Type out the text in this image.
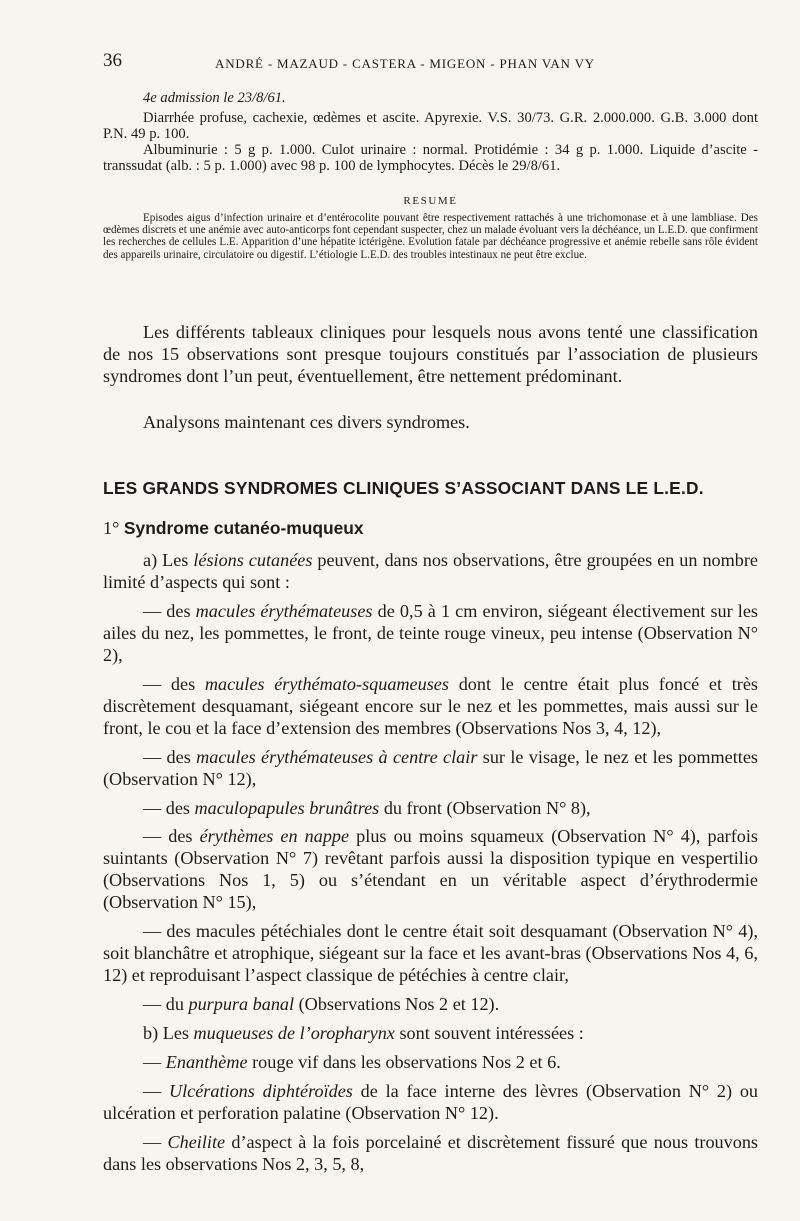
36	ANDRÉ - MAZAUD - CASTERA - MIGEON - PHAN VAN VY

4e admission le 23/8/61.

Diarrhée profuse, cachexie, œdèmes et ascite. Apyrexie. V.S. 30/73. G.R. 2.000.000. G.B. 3.000 dont P.N. 49 p. 100.

Albuminurie : 5 g p. 1.000. Culot urinaire : normal. Protidémie : 34 g p. 1.000. Liquide d’ascite - transsudat (alb. : 5 p. 1.000) avec 98 p. 100 de lymphocytes. Décès le 29/8/61.

RESUME

Episodes aigus d’infection urinaire et d’entérocolite pouvant être respectivement rattachés à une trichomonase et à une lambliase. Des œdèmes discrets et une anémie avec auto-anticorps font cependant suspecter, chez un malade évoluant vers la déchéance, un L.E.D. que confirment les recherches de cellules L.E. Apparition d’une hépatite ictérigène. Evolution fatale par déchéance progressive et anémie rebelle sans rôle évident des appareils urinaire, circulatoire ou digestif. L’étiologie L.E.D. des troubles intestinaux ne peut être exclue.

Les différents tableaux cliniques pour lesquels nous avons tenté une classification de nos 15 observations sont presque toujours constitués par l’association de plusieurs syndromes dont l’un peut, éventuellement, être nettement prédominant.

Analysons maintenant ces divers syndromes.

LES GRANDS SYNDROMES CLINIQUES S’ASSOCIANT DANS LE L.E.D.
1° Syndrome cutanéo-muqueux

a) Les lésions cutanées peuvent, dans nos observations, être groupées en un nombre limité d’aspects qui sont :

— des macules érythémateuses de 0,5 à 1 cm environ, siégeant électivement sur les ailes du nez, les pommettes, le front, de teinte rouge vineux, peu intense (Observation N° 2),

— des macules érythémato-squameuses dont le centre était plus foncé et très discrètement desquamant, siégeant encore sur le nez et les pommettes, mais aussi sur le front, le cou et la face d’extension des membres (Observations Nos 3, 4, 12),

— des macules érythémateuses à centre clair sur le visage, le nez et les pommettes (Observation N° 12),

— des maculopapules brunâtres du front (Observation N° 8),

— des érythèmes en nappe plus ou moins squameux (Observation N° 4), parfois suintants (Observation N° 7) revêtant parfois aussi la disposition typique en vespertilio (Observations Nos 1, 5) ou s’étendant en un véritable aspect d’érythrodermie (Observation N° 15),

— des macules pétéchiales dont le centre était soit desquamant (Observation N° 4), soit blanchâtre et atrophique, siégeant sur la face et les avant-bras (Observations Nos 4, 6, 12) et reproduisant l’aspect classique de pétéchies à centre clair,

— du purpura banal (Observations Nos 2 et 12).

b) Les muqueuses de l’oropharynx sont souvent intéressées :

— Enanthème rouge vif dans les observations Nos 2 et 6.

— Ulcérations diphtéroïdes de la face interne des lèvres (Observation N° 2) ou ulcération et perforation palatine (Observation N° 12).

— Cheilite d’aspect à la fois porcelainé et discrètement fissuré que nous trouvons dans les observations Nos 2, 3, 5, 8,
